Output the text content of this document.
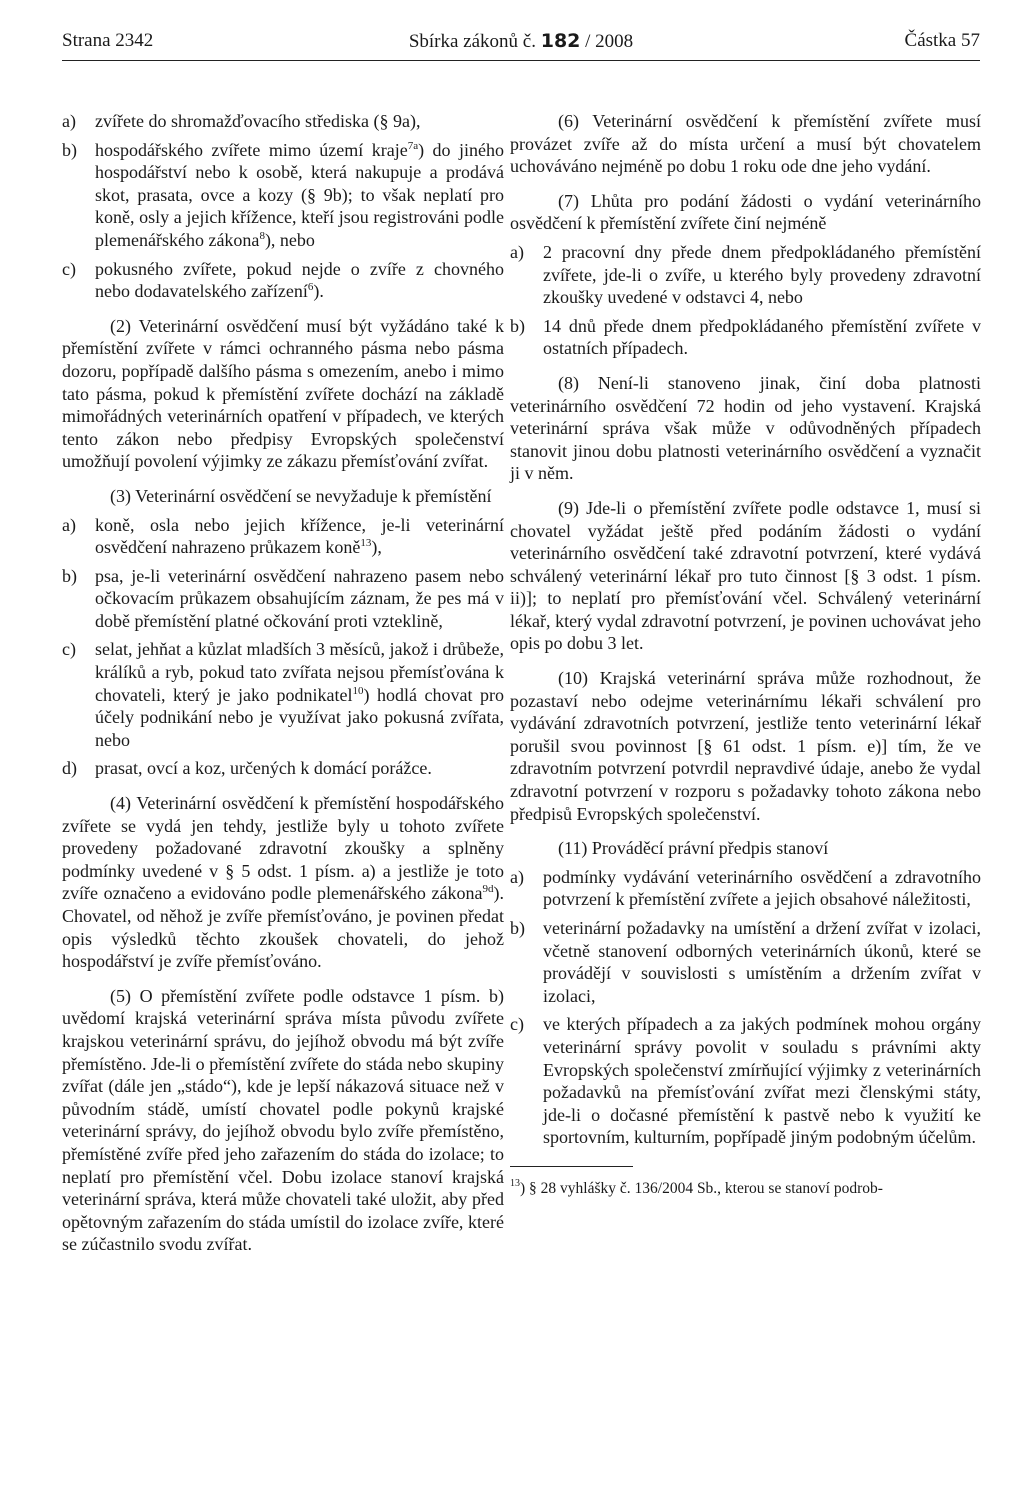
Strana 2342	Sbírka zákonů č. 182 / 2008	Částka 57
a) zvířete do shromažďovacího střediska (§ 9a),
b) hospodářského zvířete mimo území kraje$^{7a}$) do jiného hospodářství nebo k osobě, která nakupuje a prodává skot, prasata, ovce a kozy (§ 9b); to však neplatí pro koně, osly a jejich křížence, kteří jsou registrováni podle plemenářského zákona$^8$), nebo
c) pokusného zvířete, pokud nejde o zvíře z chovného nebo dodavatelského zařízení$^6$).

(2) Veterinární osvědčení musí být vyžádáno také k přemístění zvířete v rámci ochranného pásma nebo pásma dozoru, popřípadě dalšího pásma s omezením, anebo i mimo tato pásma, pokud k přemístění zvířete dochází na základě mimořádných veterinárních opatření v případech, ve kterých tento zákon nebo předpisy Evropských společenství umožňují povolení výjimky ze zákazu přemísťování zvířat.

(3) Veterinární osvědčení se nevyžaduje k přemístění

a) koně, osla nebo jejich křížence, je-li veterinární osvědčení nahrazeno průkazem koně$^{13}$),
b) psa, je-li veterinární osvědčení nahrazeno pasem nebo očkovacím průkazem obsahujícím záznam, že pes má v době přemístění platné očkování proti vzteklině,
c) selat, jehňat a kůzlat mladších 3 měsíců, jakož i drůbeže, králíků a ryb, pokud tato zvířata nejsou přemísťována k chovateli, který je jako podnikatel$^{10}$) hodlá chovat pro účely podnikání nebo je využívat jako pokusná zvířata, nebo
d) prasat, ovcí a koz, určených k domácí porážce.

(4) Veterinární osvědčení k přemístění hospodářského zvířete se vydá jen tehdy, jestliže byly u tohoto zvířete provedeny požadované zdravotní zkoušky a splněny podmínky uvedené v § 5 odst. 1 písm. a) a jestliže je toto zvíře označeno a evidováno podle plemenářského zákona$^{9d}$). Chovatel, od něhož je zvíře přemísťováno, je povinen předat opis výsledků těchto zkoušek chovateli, do jehož hospodářství je zvíře přemísťováno.

(5) O přemístění zvířete podle odstavce 1 písm. b) uvědomí krajská veterinární správa místa původu zvířete krajskou veterinární správu, do jejíhož obvodu má být zvíře přemístěno. Jde-li o přemístění zvířete do stáda nebo skupiny zvířat (dále jen „stádo“), kde je lepší nákazová situace než v původním stádě, umístí chovatel podle pokynů krajské veterinární správy, do jejíhož obvodu bylo zvíře přemístěno, přemístěné zvíře před jeho zařazením do stáda do izolace; to neplatí pro přemístění včel. Dobu izolace stanoví krajská veterinární správa, která může chovateli také uložit, aby před opětovným zařazením do stáda umístil do izolace zvíře, které se zúčastnilo svodu zvířat.

(6) Veterinární osvědčení k přemístění zvířete musí provázet zvíře až do místa určení a musí být chovatelem uchováváno nejméně po dobu 1 roku ode dne jeho vydání.

(7) Lhůta pro podání žádosti o vydání veterinárního osvědčení k přemístění zvířete činí nejméně

a) 2 pracovní dny přede dnem předpokládaného přemístění zvířete, jde-li o zvíře, u kterého byly provedeny zdravotní zkoušky uvedené v odstavci 4, nebo
b) 14 dnů přede dnem předpokládaného přemístění zvířete v ostatních případech.

(8) Není-li stanoveno jinak, činí doba platnosti veterinárního osvědčení 72 hodin od jeho vystavení. Krajská veterinární správa však může v odůvodněných případech stanovit jinou dobu platnosti veterinárního osvědčení a vyznačit ji v něm.

(9) Jde-li o přemístění zvířete podle odstavce 1, musí si chovatel vyžádat ještě před podáním žádosti o vydání veterinárního osvědčení také zdravotní potvrzení, které vydává schválený veterinární lékař pro tuto činnost [§ 3 odst. 1 písm. ii)]; to neplatí pro přemísťování včel. Schválený veterinární lékař, který vydal zdravotní potvrzení, je povinen uchovávat jeho opis po dobu 3 let.

(10) Krajská veterinární správa může rozhodnout, že pozastaví nebo odejme veterinárnímu lékaři schválení pro vydávání zdravotních potvrzení, jestliže tento veterinární lékař porušil svou povinnost [§ 61 odst. 1 písm. e)] tím, že ve zdravotním potvrzení potvrdil nepravdivé údaje, anebo že vydal zdravotní potvrzení v rozporu s požadavky tohoto zákona nebo předpisů Evropských společenství.

(11) Prováděcí právní předpis stanoví

a) podmínky vydávání veterinárního osvědčení a zdravotního potvrzení k přemístění zvířete a jejich obsahové náležitosti,
b) veterinární požadavky na umístění a držení zvířat v izolaci, včetně stanovení odborných veterinárních úkonů, které se provádějí v souvislosti s umístěním a držením zvířat v izolaci,
c) ve kterých případech a za jakých podmínek mohou orgány veterinární správy povolit v souladu s právními akty Evropských společenství zmírňující výjimky z veterinárních požadavků na přemísťování zvířat mezi členskými státy, jde-li o dočasné přemístění k pastvě nebo k využití ke sportovním, kulturním, popřípadě jiným podobným účelům.
$^{13}$) § 28 vyhlášky č. 136/2004 Sb., kterou se stanoví podrob-
